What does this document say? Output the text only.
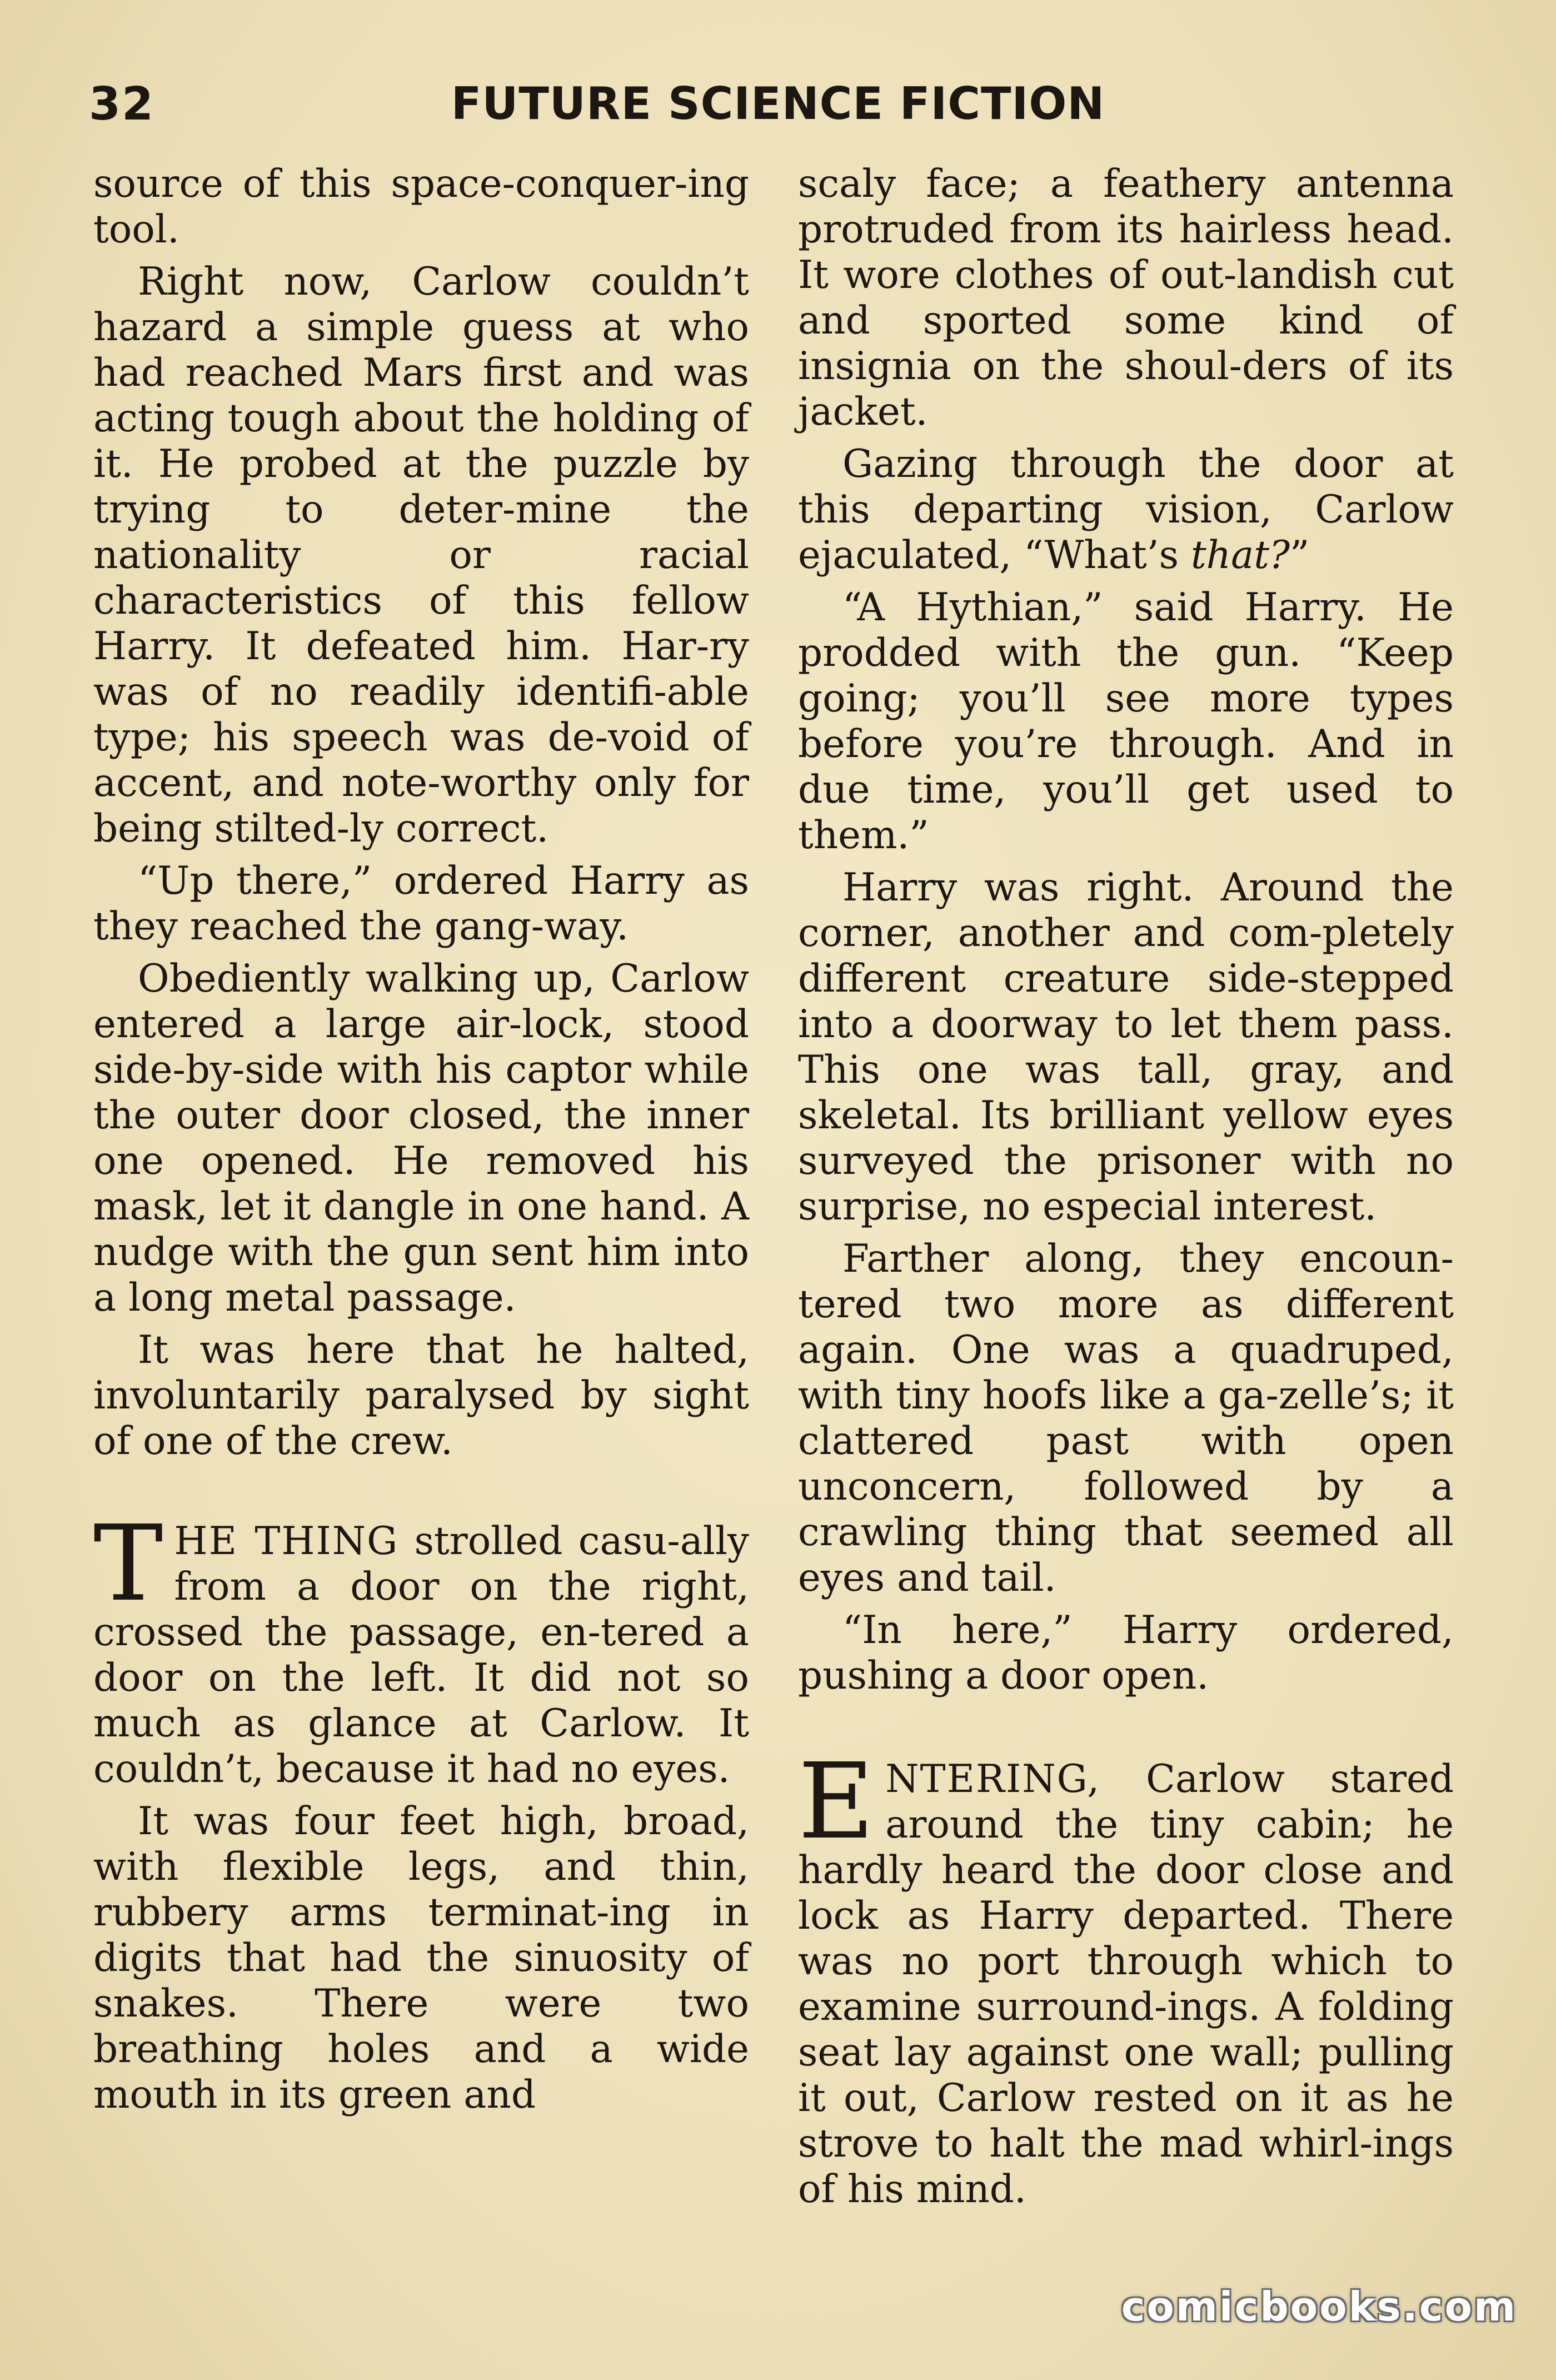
32	FUTURE SCIENCE FICTION

source of this space-conquer-ing tool.

Right now, Carlow couldn’t hazard a simple guess at who had reached Mars first and was acting tough about the holding of it. He probed at the puzzle by trying to deter-mine the nationality or racial characteristics of this fellow Harry. It defeated him. Har-ry was of no readily identifi-able type; his speech was de-void of accent, and note-worthy only for being stilted-ly correct.

“Up there,” ordered Harry as they reached the gang-way.

Obediently walking up, Carlow entered a large air-lock, stood side-by-side with his captor while the outer door closed, the inner one opened. He removed his mask, let it dangle in one hand. A nudge with the gun sent him into a long metal passage.

It was here that he halted, involuntarily paralysed by sight of one of the crew.

THE THING strolled casu-ally from a door on the right, crossed the passage, en-tered a door on the left. It did not so much as glance at Carlow. It couldn’t, because it had no eyes.

It was four feet high, broad, with flexible legs, and thin, rubbery arms terminat-ing in digits that had the sinuosity of snakes. There were two breathing holes and a wide mouth in its green and

scaly face; a feathery antenna protruded from its hairless head. It wore clothes of out-landish cut and sported some kind of insignia on the shoul-ders of its jacket.

Gazing through the door at this departing vision, Carlow ejaculated, “What’s that?”

“A Hythian,” said Harry. He prodded with the gun. “Keep going; you’ll see more types before you’re through. And in due time, you’ll get used to them.”

Harry was right. Around the corner, another and com-pletely different creature side-stepped into a doorway to let them pass. This one was tall, gray, and skeletal. Its brilliant yellow eyes surveyed the prisoner with no surprise, no especial interest.

Farther along, they encoun-tered two more as different again. One was a quadruped, with tiny hoofs like a ga-zelle’s; it clattered past with open unconcern, followed by a crawling thing that seemed all eyes and tail.

“In here,” Harry ordered, pushing a door open.

ENTERING, Carlow stared around the tiny cabin; he hardly heard the door close and lock as Harry departed. There was no port through which to examine surround-ings. A folding seat lay against one wall; pulling it out, Carlow rested on it as he strove to halt the mad whirl-ings of his mind.

comicbooks.com
